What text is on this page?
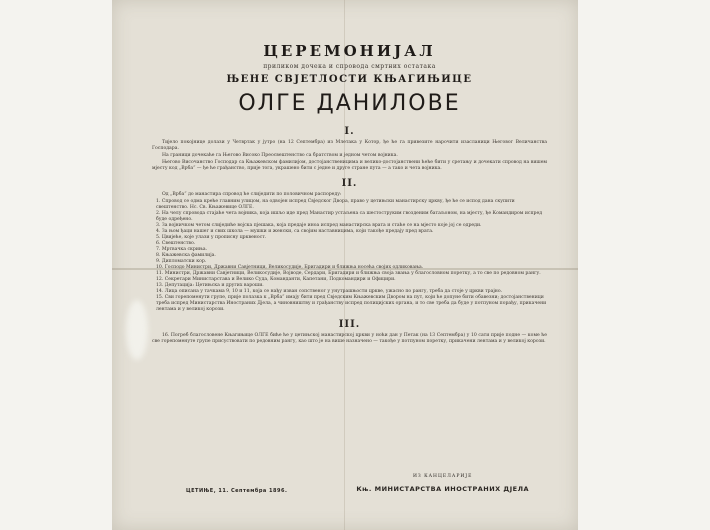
ЦЕРЕМОНИЈАЛ
приликом дочека и спровода смртних остатака
ЊЕНЕ СВЈЕТЛОСТИ КЊАГИЊИЦЕ
ОЛГЕ ДАНИЛОВЕ
I.

Тијело покојнице долази у Четвртак у јутро (на 12 Септембра) из Млетака у Котор, ђе ће га привезите нарочити изасланици Његовог Величанства Господара.

На граници дочекаће га Његово Високо Преосвештенство са братством и једном четом војника.

Његово Височанство Господар са Књажевском фамилијом, достојанственицима и велико-достојанствени ћеће бити у сретању и дочекати спровод на вишем мјесту код „Врба“ — ђе ће грађанство, прије тога, украшено бити с једне и друге стране пута — а тако и чета војника.

II.

Од „Врба“ до манастира спровод ће слиједити по половичном распореду:

1. Спровод се одма креће главним улицом, на одвојен испред Свједског Двора, право у цетињски манастирску цркву, ђе ће се испод дана скупити свештенство. Нс. Св. Књажевице ОЛГЕ.

2. На челу спровода стајаће чета војника, која ишљо иде пред Манастир устаљена са шестоструким гвозденим батаљоном, на мјесту, ђе Командиром испред буде одређено.

3. За војничком четом слиједиће војска пјешака, која предаје иноа испред манастирска врата и стаће се на мјесто које јој се одреди.

4. За њом ђаци нашег и свих школа — мушки и женски, са својим наставницима, који такође предају пред врата.

5. Цвијеће, које улази у прописну црквеност.

6. Свештенство.

7. Мртвачка скриња.

8. Књажевска фамилија.

9. Дипломатски кор.

10. Господо Министри, Државни Савјетници, Великосудије, Бригадири и ближња носећа својих одликовања.

11. Министри, Државни Савјетници, Великосудије, Војводе, Сердари, Бригадири и ближња своја звања у благословном поретку, а то све по редовном рангу.

12. Секретари Министарстава и Велико Суда, Команданти, Капетани, Подкомандири и Официри.

13. Депутација: Цетињска и других вароши.

14. Лица описана у тачкама 9, 10 и 11, која се нађу изван сопственог у унутрашњости цркве, ужасно по рангу, треба да стоје у цркви трајно.

15. Сви горепоменути групе, прије полазка к „Врба“ имају бити пред Свједским Књажевским Двором на пут, који ће допуне бити обавезни; достојанственици треба испред Министарства Иностраних Дјела, а чиновништву и грађанству испред полицијских органа, и то све треба да буде у потпуном порађу, прикачени лентама и у великој корози.

III.

16. Погреб благословене Књагињице ОЛГЕ биће ће у цетињској манастирској цркви у ноћи дан у Петак (на 13 Септембра) у 10 сати прије подне — коме ће све горепоменуте групе присуствовати по редовним рангу, као што је на више назначено — такође у потпуном поретку, прикачени лентама и у великој корози.

ЦЕТИЊЕ, 11. Септембра 1896.
ИЗ КАНЦЕЛАРИЈЕ
Књ. МИНИСТАРСТВА ИНОСТРАНИХ ДЈЕЛА
